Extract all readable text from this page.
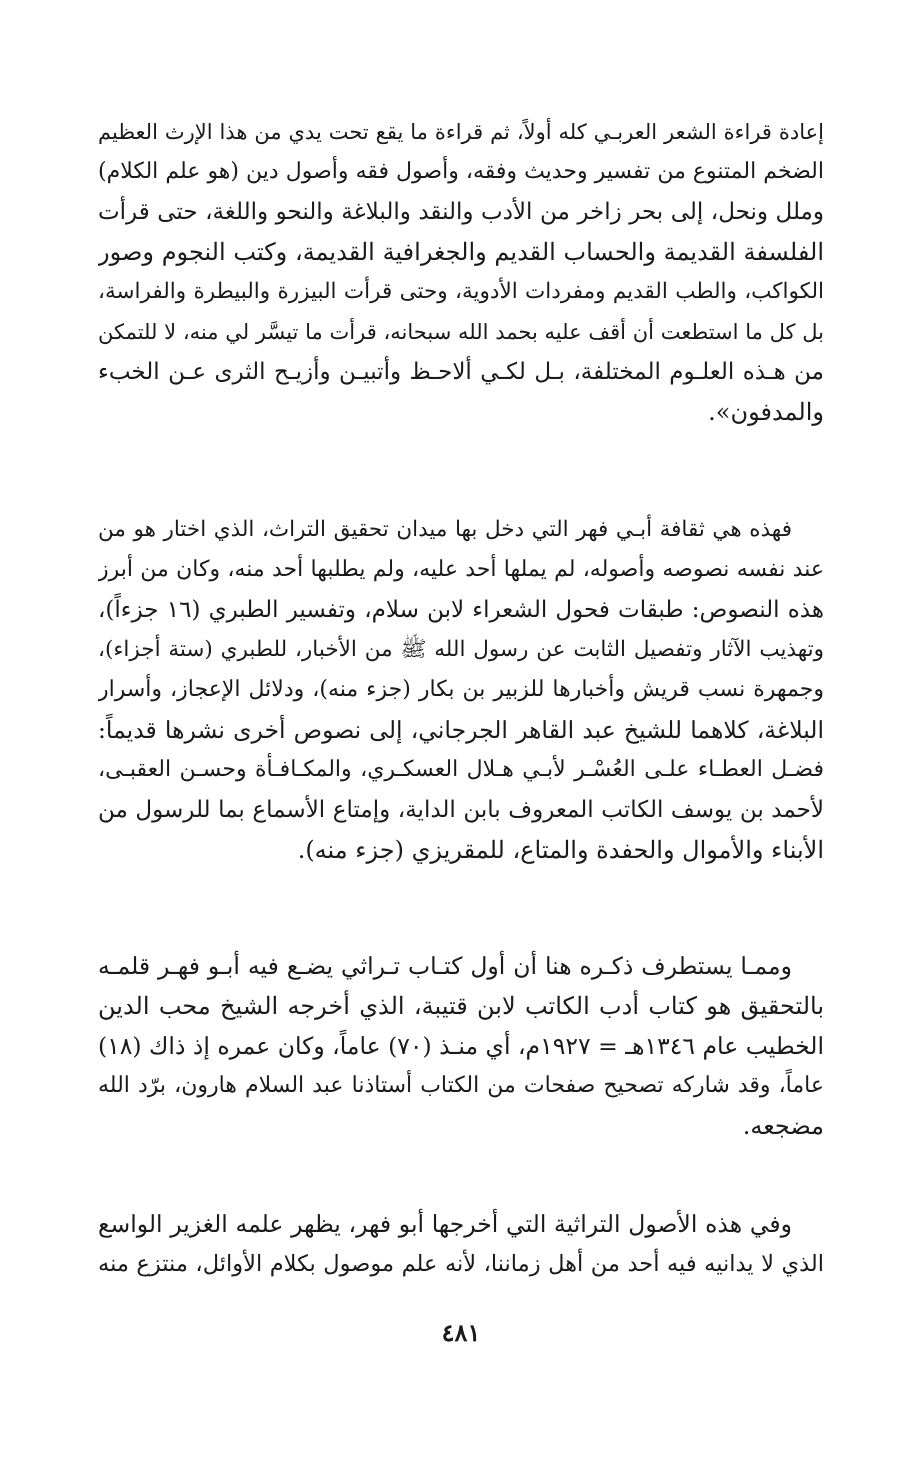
إعادة قراءة الشعر العربـي كله أولاً، ثم قراءة ما يقع تحت يدي من هذا الإرث العظيم
الضخم المتنوع من تفسير وحديث وفقه، وأصول فقه وأصول دين (هو علم الكلام)
وملل ونحل، إلى بحر زاخر من الأدب والنقد والبلاغة والنحو واللغة، حتى قرأت
الفلسفة القديمة والحساب القديم والجغرافية القديمة، وكتب النجوم وصور
الكواكب، والطب القديم ومفردات الأدوية، وحتى قرأت البيزرة والبيطرة والفراسة،
بل كل ما استطعت أن أقف عليه بحمد الله سبحانه، قرأت ما تيسَّر لي منه، لا للتمكن
من هـذه العلـوم المختلفة، بـل لكـي ألاحـظ وأتبيـن وأزيـح الثرى عـن الخبء
والمدفون».
فهذه هي ثقافة أبـي فهر التي دخل بها ميدان تحقيق التراث، الذي اختار هو من
عند نفسه نصوصه وأصوله، لم يملها أحد عليه، ولم يطلبها أحد منه، وكان من أبرز
هذه النصوص: طبقات فحول الشعراء لابن سلام، وتفسير الطبري (١٦ جزءاً)،
وتهذيب الآثار وتفصيل الثابت عن رسول الله ﷺ من الأخبار، للطبري (ستة أجزاء)،
وجمهرة نسب قريش وأخبارها للزبير بن بكار (جزء منه)، ودلائل الإعجاز، وأسرار
البلاغة، كلاهما للشيخ عبد القاهر الجرجاني، إلى نصوص أخرى نشرها قديماً:
فضـل العطـاء علـى العُسْـر لأبـي هـلال العسكـري، والمكـافـأة وحسـن العقبـى،
لأحمد بن يوسف الكاتب المعروف بابن الداية، وإمتاع الأسماع بما للرسول من
الأبناء والأموال والحفدة والمتاع، للمقريزي (جزء منه).
وممـا يستطرف ذكـره هنا أن أول كتـاب تـراثي يضـع فيه أبـو فهـر قلمـه
بالتحقيق هو كتاب أدب الكاتب لابن قتيبة، الذي أخرجه الشيخ محب الدين
الخطيب عام ١٣٤٦هـ = ١٩٢٧م، أي منـذ (٧٠) عاماً، وكان عمره إذ ذاك (١٨)
عاماً، وقد شاركه تصحيح صفحات من الكتاب أستاذنا عبد السلام هارون، برّد الله
مضجعه.
وفي هذه الأصول التراثية التي أخرجها أبو فهر، يظهر علمه الغزير الواسع
الذي لا يدانيه فيه أحد من أهل زماننا، لأنه علم موصول بكلام الأوائل، منتزع منه
٤٨١
